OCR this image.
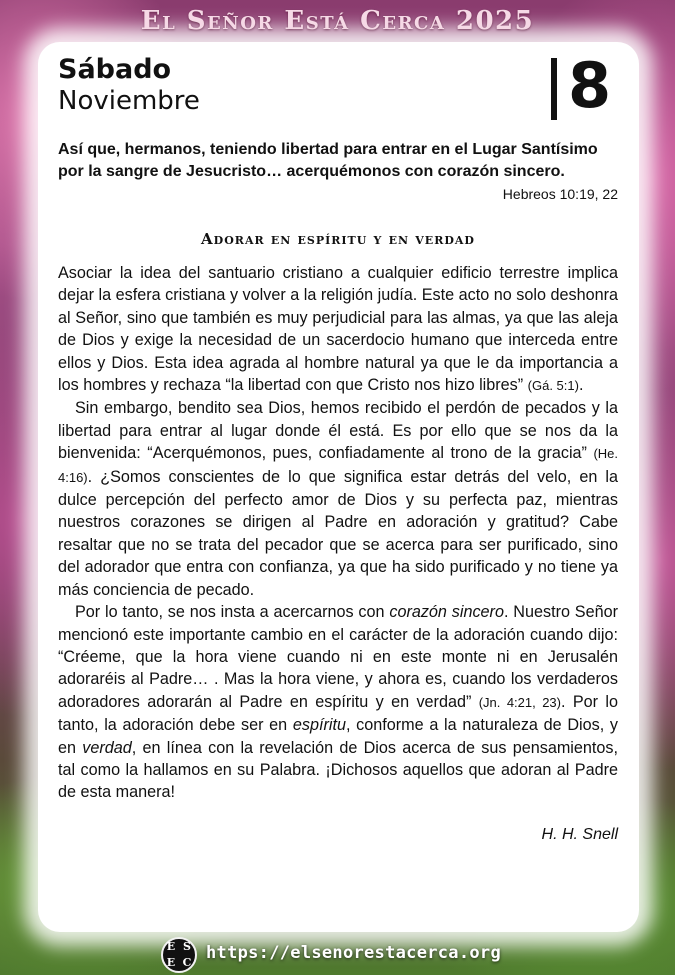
El Señor Está Cerca 2025
Sábado
Noviembre	8
Así que, hermanos, teniendo libertad para entrar en el Lugar Santísimo por la sangre de Jesucristo… acerquémonos con corazón sincero.
Hebreos 10:19, 22
Adorar en espíritu y en verdad

Asociar la idea del santuario cristiano a cualquier edificio terrestre implica dejar la esfera cristiana y volver a la religión judía. Este acto no solo deshonra al Señor, sino que también es muy perjudicial para las almas, ya que las aleja de Dios y exige la necesidad de un sacerdocio humano que interceda entre ellos y Dios. Esta idea agrada al hombre natural ya que le da importancia a los hombres y rechaza “la libertad con que Cristo nos hizo libres” (Gá. 5:1).

Sin embargo, bendito sea Dios, hemos recibido el perdón de pecados y la libertad para entrar al lugar donde él está. Es por ello que se nos da la bienvenida: “Acerquémonos, pues, confiadamente al trono de la gracia” (He. 4:16). ¿Somos conscientes de lo que significa estar detrás del velo, en la dulce percepción del perfecto amor de Dios y su perfecta paz, mientras nuestros corazones se dirigen al Padre en adoración y gratitud? Cabe resaltar que no se trata del pecador que se acerca para ser purificado, sino del adorador que entra con confianza, ya que ha sido purificado y no tiene ya más conciencia de pecado.

Por lo tanto, se nos insta a acercarnos con corazón sincero. Nuestro Señor mencionó este importante cambio en el carácter de la adoración cuando dijo: “Créeme, que la hora viene cuando ni en este monte ni en Jerusalén adoraréis al Padre… . Mas la hora viene, y ahora es, cuando los verdaderos adoradores adorarán al Padre en espíritu y en verdad” (Jn. 4:21, 23). Por lo tanto, la adoración debe ser en espíritu, conforme a la naturaleza de Dios, y en verdad, en línea con la revelación de Dios acerca de sus pensamientos, tal como la hallamos en su Palabra. ¡Dichosos aquellos que adoran al Padre de esta manera!

H. H. Snell
E S
E C https://elsenorestacerca.org
